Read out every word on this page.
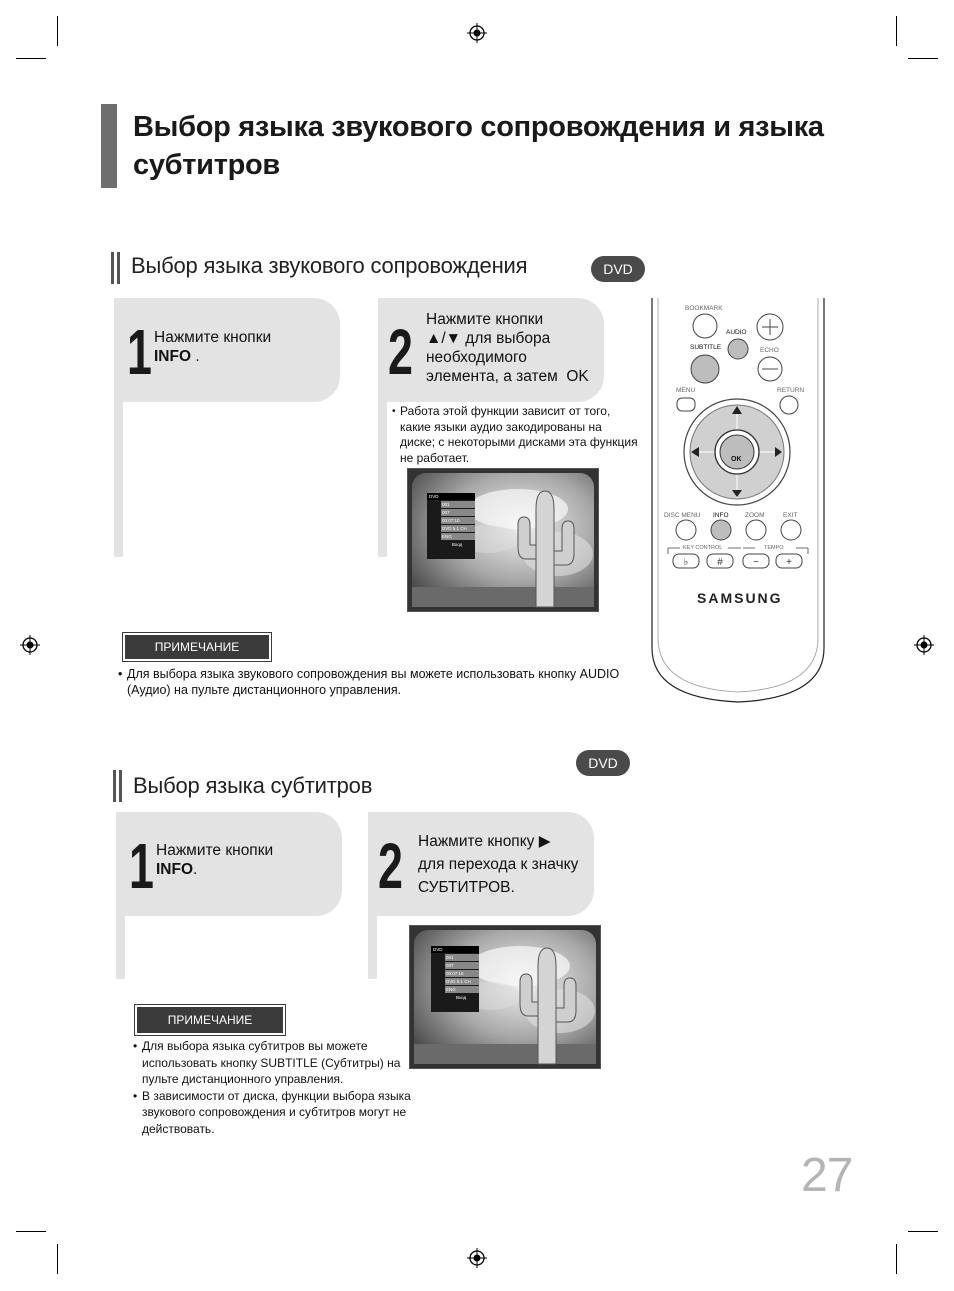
Выбор языка звукового сопровождения и языка субтитров
Выбор языка звукового сопровождения	DVD
1 Нажмите кнопки
INFO .	2 Нажмите кнопки
▲/▼ для выбора
необходимого
элемента, а затем OK
• Работа этой функции зависит от того, какие языки аудио закодированы на диске; с некоторыми дисками эта функция не работает.
DVD
001
007
00:07:10
DVD 5.1 CH
ENG
Вход
ПРИМЕЧАНИЕ
• Для выбора языка звукового сопровождения вы можете использовать кнопку AUDIO (Аудио) на пульте дистанционного управления.
♭	#	−	+
BOOKMARK
AUDIO
SUBTITLE	ECHO
MENU	RETURN
OK
DISC MENU INFO	ZOOM	EXIT
KEY CONTROL	TEMPO
SAMSUNG
DVD
Выбор языка субтитров
1 Нажмите кнопки
INFO.	2 Нажмите кнопку ▶
для перехода к значку
СУБТИТРОВ.
DVD
001
007
00:07:10
DVD 5.1 CH
ENG
Вход
ПРИМЕЧАНИЕ
• Для выбора языка субтитров вы можете использовать кнопку SUBTITLE (Субтитры) на пульте дистанционного управления.
• В зависимости от диска, функции выбора языка звукового сопровождения и субтитров могут не действовать.
27
